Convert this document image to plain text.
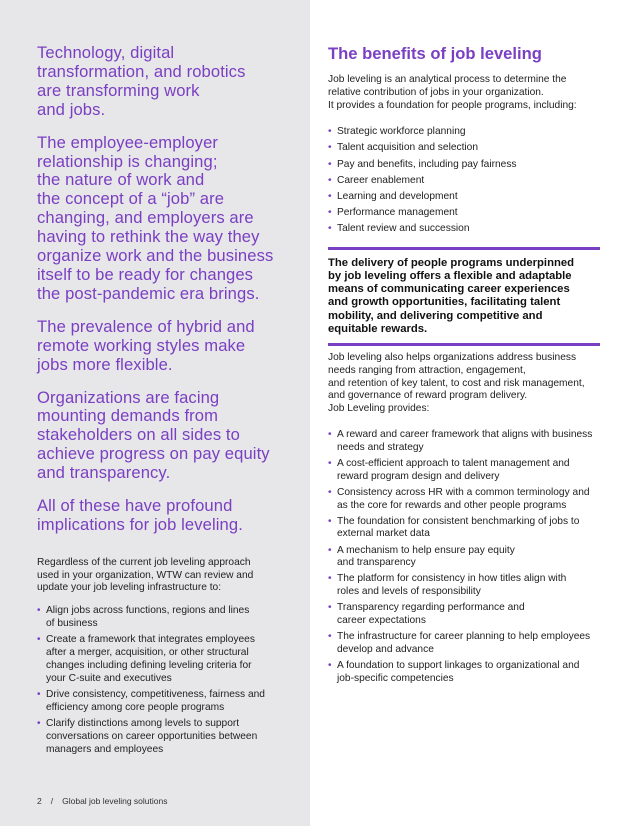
Technology, digital
transformation, and robotics
are transforming work
and jobs.

The employee-employer
relationship is changing;
the nature of work and
the concept of a “job” are
changing, and employers are
having to rethink the way they
organize work and the business
itself to be ready for changes
the post-pandemic era brings.

The prevalence of hybrid and
remote working styles make
jobs more flexible.

Organizations are facing
mounting demands from
stakeholders on all sides to
achieve progress on pay equity
and transparency.

All of these have profound
implications for job leveling.

Regardless of the current job leveling approach
used in your organization, WTW can review and
update your job leveling infrastructure to:
• Align jobs across functions, regions and lines
of business
• Create a framework that integrates employees
after a merger, acquisition, or other structural
changes including defining leveling criteria for
your C-suite and executives
• Drive consistency, competitiveness, fairness and
efficiency among core people programs
• Clarify distinctions among levels to support
conversations on career opportunities between
managers and employees
2 / Global job leveling solutions
The benefits of job leveling
Job leveling is an analytical process to determine the
relative contribution of jobs in your organization.
It provides a foundation for people programs, including:
• Strategic workforce planning
• Talent acquisition and selection
• Pay and benefits, including pay fairness
• Career enablement
• Learning and development
• Performance management
• Talent review and succession
The delivery of people programs underpinned
by job leveling offers a flexible and adaptable
means of communicating career experiences
and growth opportunities, facilitating talent
mobility, and delivering competitive and
equitable rewards.
Job leveling also helps organizations address business
needs ranging from attraction, engagement,
and retention of key talent, to cost and risk management,
and governance of reward program delivery.
Job Leveling provides:
• A reward and career framework that aligns with business
needs and strategy
• A cost-efficient approach to talent management and
reward program design and delivery
• Consistency across HR with a common terminology and
as the core for rewards and other people programs
• The foundation for consistent benchmarking of jobs to
external market data
• A mechanism to help ensure pay equity
and transparency
• The platform for consistency in how titles align with
roles and levels of responsibility
• Transparency regarding performance and
career expectations
• The infrastructure for career planning to help employees
develop and advance
• A foundation to support linkages to organizational and
job-specific competencies
